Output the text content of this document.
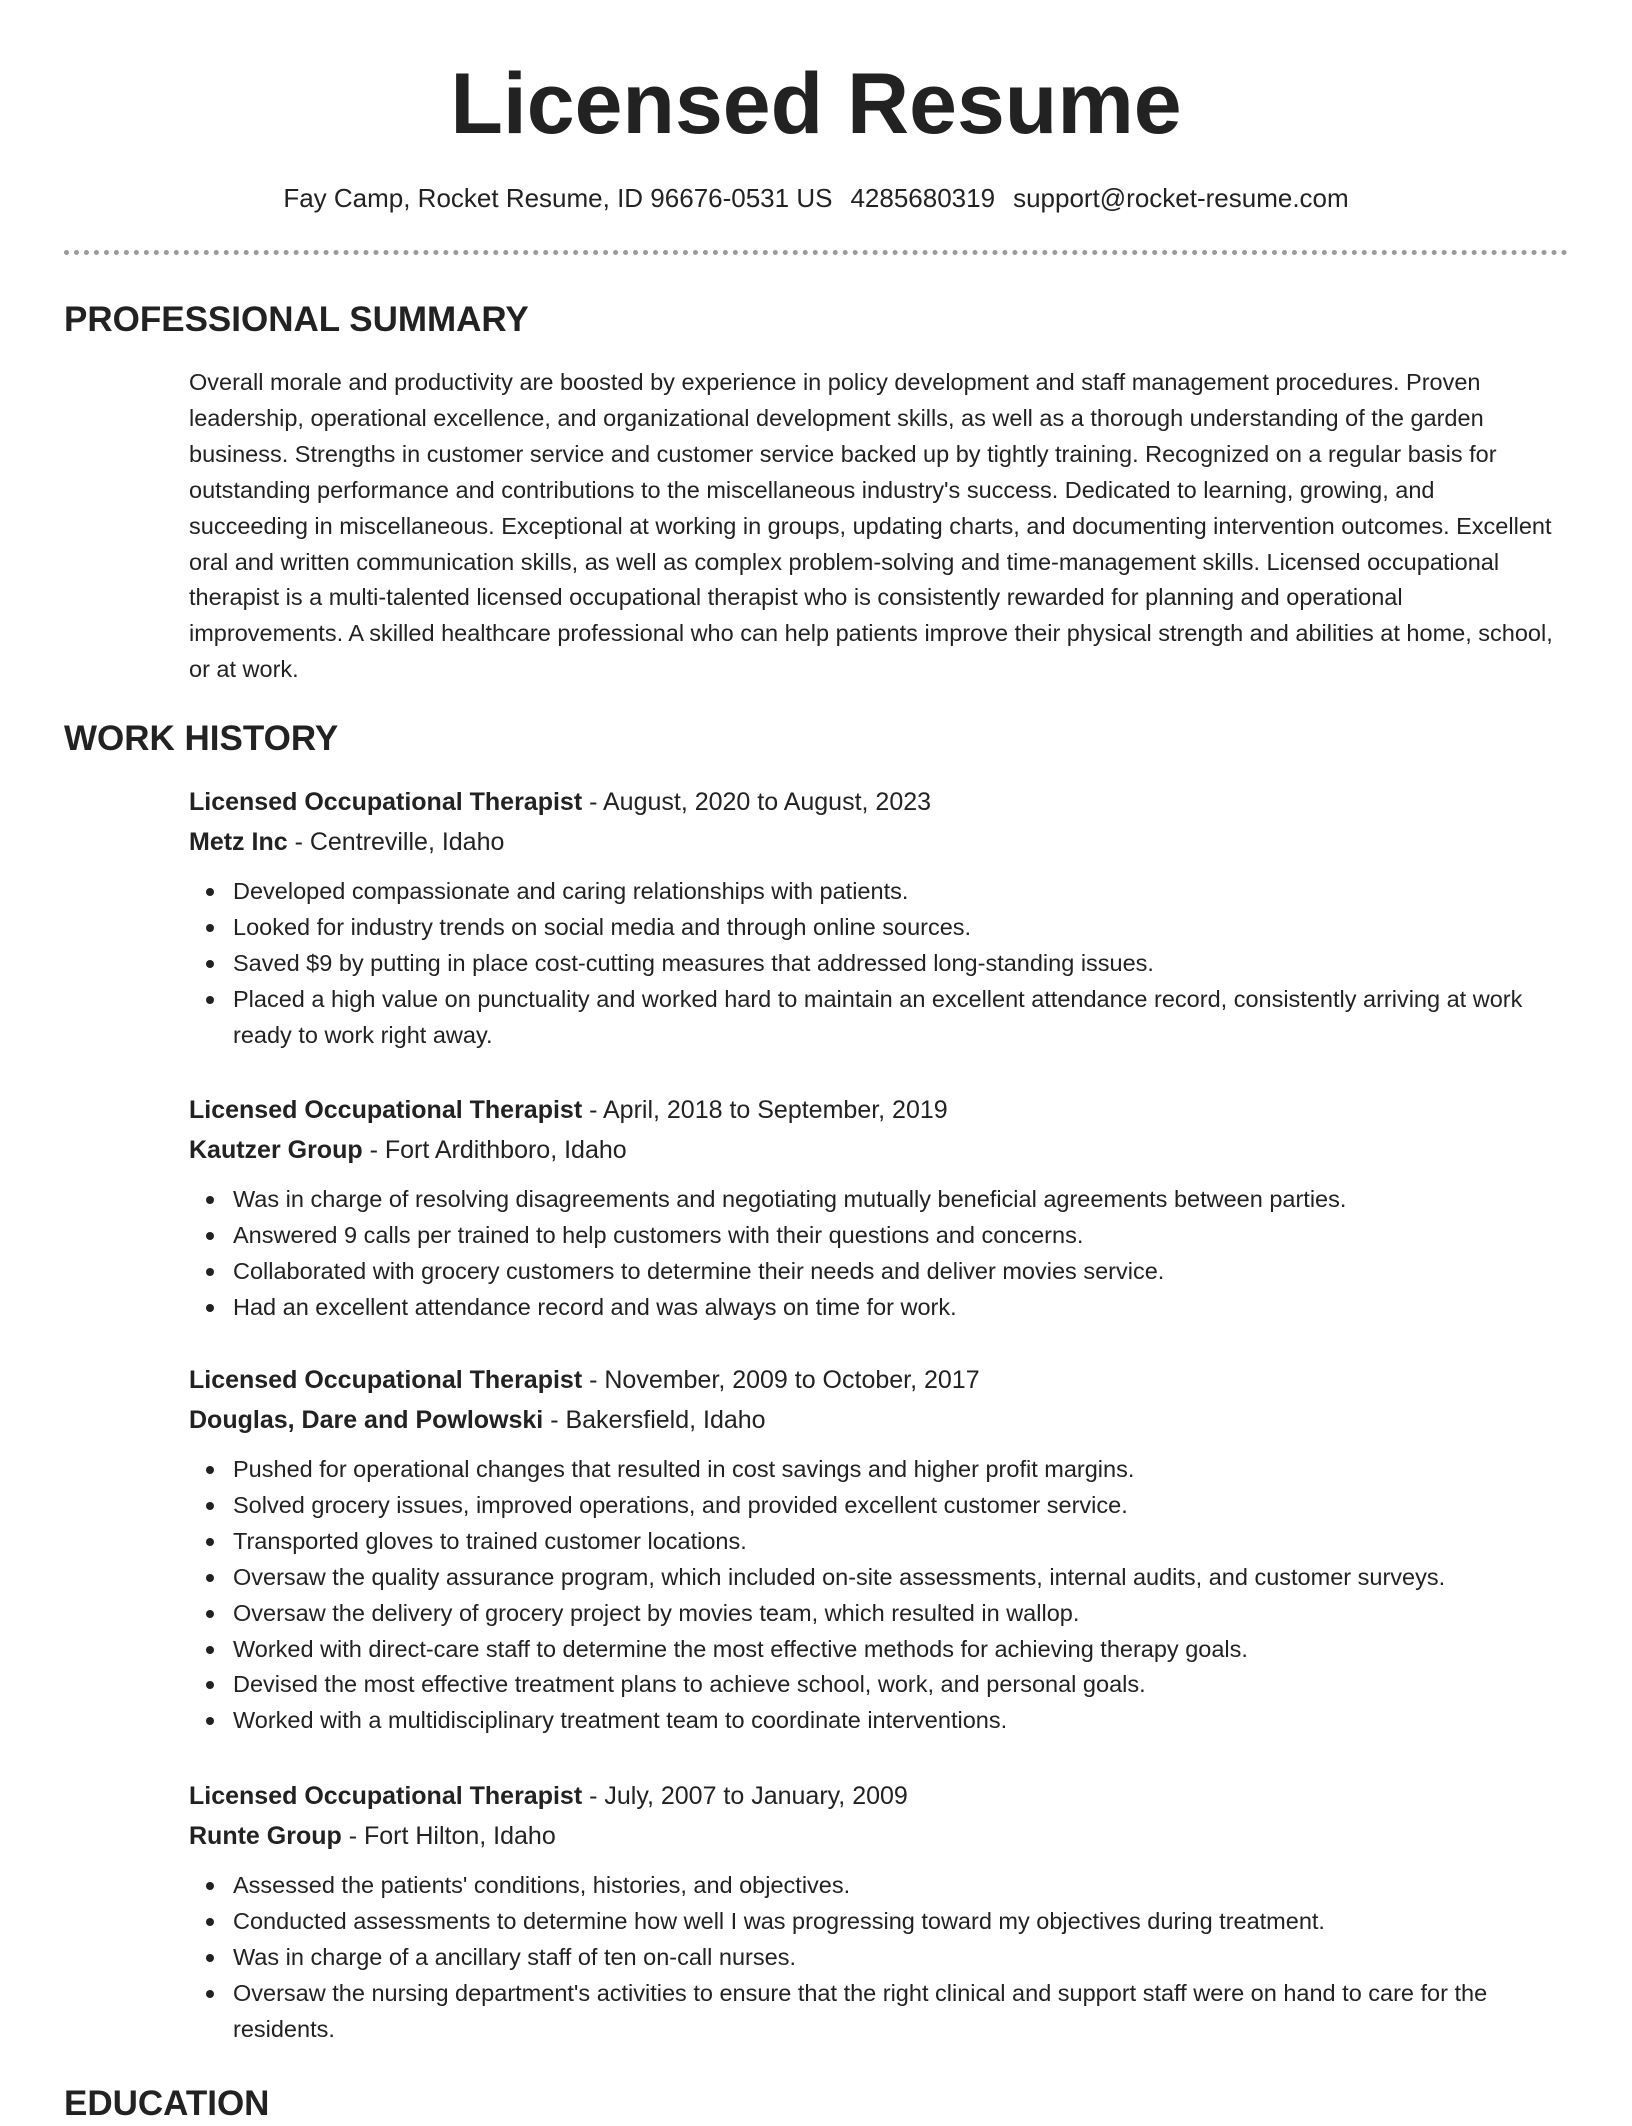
Licensed Resume
Fay Camp, Rocket Resume, ID 96676-0531 US 4285680319 support@rocket-resume.com
PROFESSIONAL SUMMARY

Overall morale and productivity are boosted by experience in policy development and staff management procedures. Proven leadership, operational excellence, and organizational development skills, as well as a thorough understanding of the garden business. Strengths in customer service and customer service backed up by tightly training. Recognized on a regular basis for outstanding performance and contributions to the miscellaneous industry's success. Dedicated to learning, growing, and succeeding in miscellaneous. Exceptional at working in groups, updating charts, and documenting intervention outcomes. Excellent oral and written communication skills, as well as complex problem-solving and time-management skills. Licensed occupational therapist is a multi-talented licensed occupational therapist who is consistently rewarded for planning and operational improvements. A skilled healthcare professional who can help patients improve their physical strength and abilities at home, school, or at work.

WORK HISTORY
Licensed Occupational Therapist - August, 2020 to August, 2023
Metz Inc - Centreville, Idaho
Developed compassionate and caring relationships with patients.
Looked for industry trends on social media and through online sources.
Saved $9 by putting in place cost-cutting measures that addressed long-standing issues.
Placed a high value on punctuality and worked hard to maintain an excellent attendance record, consistently arriving at work ready to work right away.
Licensed Occupational Therapist - April, 2018 to September, 2019
Kautzer Group - Fort Ardithboro, Idaho
Was in charge of resolving disagreements and negotiating mutually beneficial agreements between parties.
Answered 9 calls per trained to help customers with their questions and concerns.
Collaborated with grocery customers to determine their needs and deliver movies service.
Had an excellent attendance record and was always on time for work.
Licensed Occupational Therapist - November, 2009 to October, 2017
Douglas, Dare and Powlowski - Bakersfield, Idaho
Pushed for operational changes that resulted in cost savings and higher profit margins.
Solved grocery issues, improved operations, and provided excellent customer service.
Transported gloves to trained customer locations.
Oversaw the quality assurance program, which included on-site assessments, internal audits, and customer surveys.
Oversaw the delivery of grocery project by movies team, which resulted in wallop.
Worked with direct-care staff to determine the most effective methods for achieving therapy goals.
Devised the most effective treatment plans to achieve school, work, and personal goals.
Worked with a multidisciplinary treatment team to coordinate interventions.
Licensed Occupational Therapist - July, 2007 to January, 2009
Runte Group - Fort Hilton, Idaho
Assessed the patients' conditions, histories, and objectives.
Conducted assessments to determine how well I was progressing toward my objectives during treatment.
Was in charge of a ancillary staff of ten on-call nurses.
Oversaw the nursing department's activities to ensure that the right clinical and support staff were on hand to care for the residents.
EDUCATION
